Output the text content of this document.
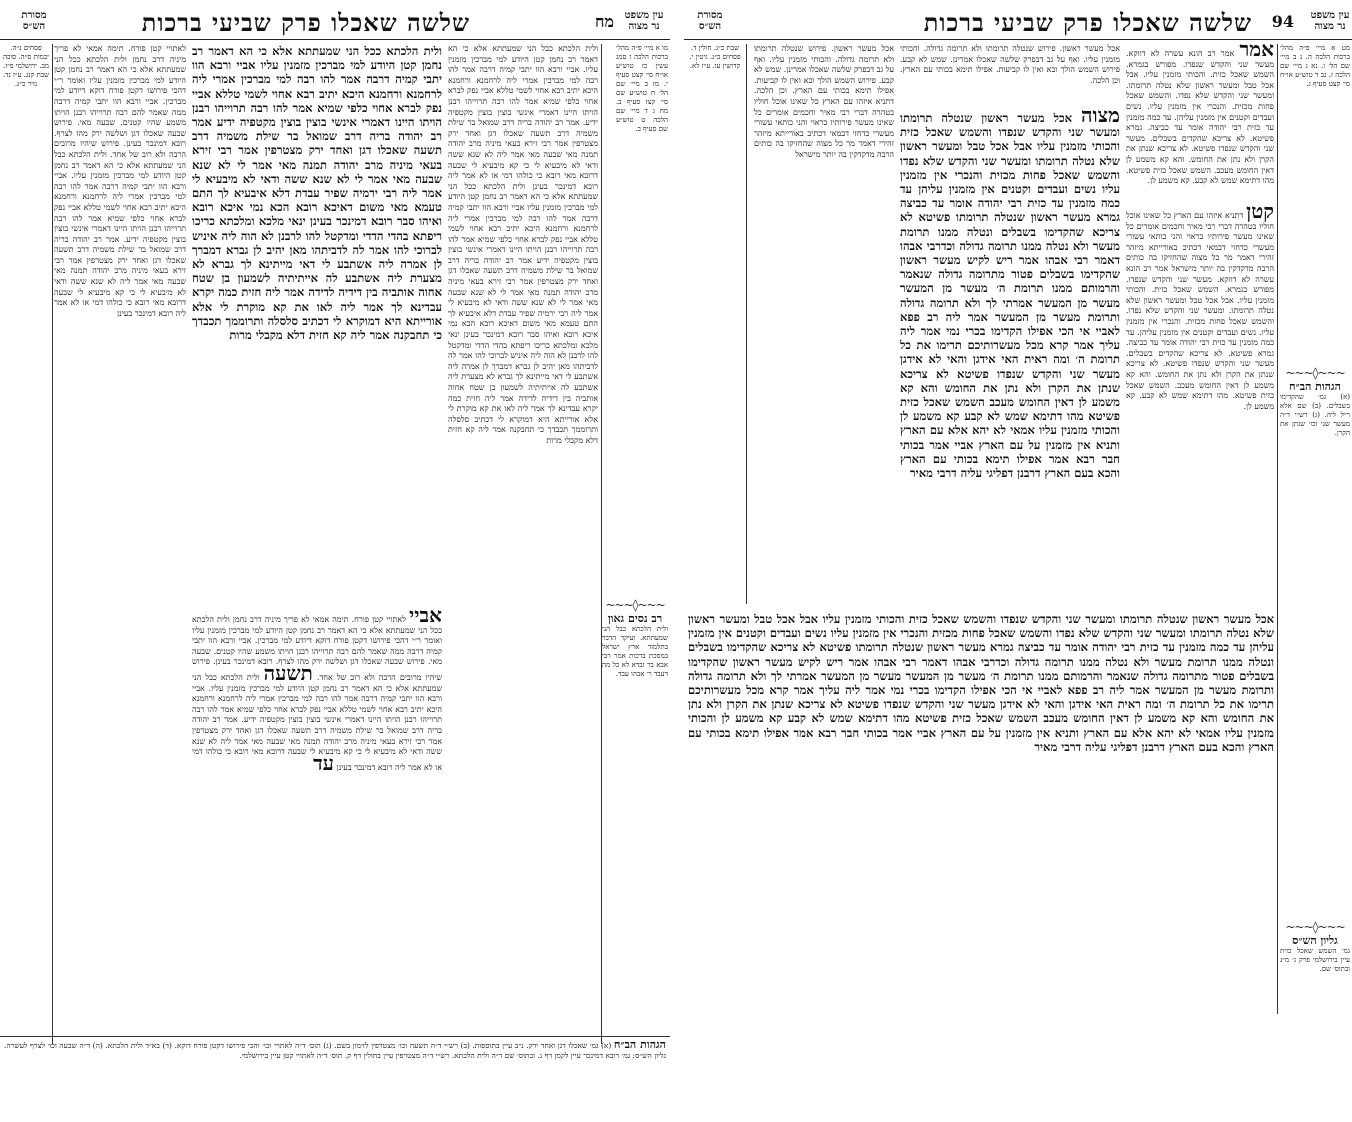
עין משפט נר מצוה
שלשה שאכלו פרק שביעי ברכות	מח
מסורת הש״ס
מו א מיי׳ פ״ה מהל׳ ברכות הלכה ז סמג עשין כז טוש״ע או״ח סי׳ קצט סעיף י. מז ב מיי׳ שם הל׳ ח טוש״ע שם סי׳ קצז סעיף ב. מח ג ד מיי׳ שם הלכה ט טוש״ע שם סעיף ב.
~~~◊~~~
רב נסים גאון
ולית הלכתא כבל הני שמעתתא. ועיקר הדבר בתלמוד ארץ ישראל במסכת ברכות אמר רבי אבא בר זבדא לא כל מה דעבד ר׳ אבהו עבד.
ולית הלכתא כבל הני שמעתתא אלא כי הא דאמר רב נחמן קטן היודע למי מברכין מזמנין עליו. אביי ורבא הוו יתבי קמיה דרבה אמר להו רבה למי מברכין אמרי ליה לרחמנא ורחמנא היכא יתיב רבא אחוי לשמי טללא אביי נפק לברא אחוי כלפי שמיא אמר להו רבה תרוייהו רבנן הויתו היינו דאמרי אינשי בוצין בוצין מקטפיה ידיע. אמר רב יהודה בריה דרב שמואל בר שילת משמיה דרב תשעה שאכלו דגן ואחד ירק מצטרפין אמר רבי זירא בעאי מיניה מרב יהודה תמנה מאי שבעה מאי אמר ליה לא שנא ששה ודאי לא מיבעיא לי כי קא מיבעיא לי שבעה דרובא מאי רובא כי כולהו דמי או לא אמר ליה רובא דמינכר בעינן ולית הלכתא ככל הני שמעתתא אלא כי הא דאמר רב נחמן קטן היודע למי מברכין מזמנין עליו אביי ורבא הוו יתבי קמיה דרבה אמר להו רבה למי מברכין אמרי ליה לרחמנא ורחמנא היכא יתיב רבא אחוי לשמי טללא אביי נפק לברא אחוי כלפי שמיא אמר להו רבה תרוייהו רבנן הויתו היינו דאמרי אינשי בוצין בוצין מקטפיה ידיע אמר רב יהודה בריה דרב שמואל בר שילת משמיה דרב תשעה שאכלו דגן ואחד ירק מצטרפין אמר רבי זירא בעאי מיניה מרב יהודה תמנה מאי אמר לי לא שנא שבעה מאי אמר לי לא שנא ששה ודאי לא מיבעיא לי אמר ליה רבי ירמיה שפיר עבדת דלא איבעיא לך התם טעמא מאי משום דאיכא רובא הכא נמי איכא רובא ואיהו סבר רובא דמינכר בעינן ינאי מלכא ומלכתא כריכו ריפתא בהדי הדדי ומדקטל להו לרבנן לא הוה ליה איניש לברוכי להו אמר לה לדביתהו מאן יהיב לן גברא דמברך לן אמרה ליה אשתבע לי דאי מייתינא לך גברא לא מצערת ליה אשתבע לה אייתיתיה לשמעון בן שטח אחוה אותביה בין דידיה לדידה אמר ליה חזית כמה יקרא עבדינא לך אמר ליה לאו את קא מוקרת לי אלא אורייתא היא דמוקרא לי דכתיב סלסלה ותרוממך תכבדך כי תחבקנה אמר ליה קא חזית דלא מקבלי מרות
ולית הלכתא ככל הני שמעתתא אלא כי הא דאמר רב נחמן קטן היודע למי מברכין מזמנין עליו אביי ורבא הוו יתבי קמיה דרבה אמר להו רבה למי מברכין אמרי ליה לרחמנא ורחמנא היכא יתיב רבא אחוי לשמי טללא אביי נפק לברא אחוי כלפי שמיא אמר להו רבה תרוייהו רבנן הויתו היינו דאמרי אינשי בוצין בוצין מקטפיה ידיע אמר רב יהודה בריה דרב שמואל בר שילת משמיה דרב תשעה שאכלו דגן ואחד ירק מצטרפין אמר רבי זירא בעאי מיניה מרב יהודה תמנה מאי אמר לי לא שנא שבעה מאי אמר לי לא שנא ששה ודאי לא מיבעיא לי אמר ליה רבי ירמיה שפיר עבדת דלא איבעיא לך התם טעמא מאי משום דאיכא רובא הכא נמי איכא רובא ואיהו סבר רובא דמינכר בעינן ינאי מלכא ומלכתא כריכו ריפתא בהדי הדדי ומדקטל להו לרבנן לא הוה ליה איניש לברוכי להו אמר לה לדביתהו מאן יהיב לן גברא דמברך לן אמרה ליה אשתבע לי דאי מייתינא לך גברא לא מצערת ליה אשתבע לה אייתיתיה לשמעון בן שטח אחוה אותביה בין דידיה לדידה אמר ליה חזית כמה יקרא עבדינא לך אמר ליה לאו את קא מוקרת לי אלא אורייתא היא דמוקרא לי דכתיב סלסלה ותרוממך תכבדך כי תחבקנה אמר ליה קא חזית דלא מקבלי מרות
אביי לאתויי קטן פורח. תימה אמאי לא פריך מיניה דרב נחמן ולית הלכתא ככל הני שמעתתא אלא כי הא דאמר רב נחמן קטן היודע למי מברכין מזמנין עליו ואומר ר״י דהכי פירושו דקטן פורח דוקא דיודע למי מברכין. אביי ורבא הוו יתבי קמיה דרבה ממה שאמר להם רבה תרוייהו רבנן הויתו משמע שהיו קטנים. שבעה מאי. פירוש שבעה שאכלו דגן ושלשה ירק מהו לצרף. רובא דמינכר בעינן. פירוש שיהיו מרובים הרבה ולא רוב של אחד. תשעה ולית הלכתא כבל הני שמעתתא אלא כי הא דאמר רב נחמן קטן היודע למי מברכין מזמנין עליו. אביי ורבא הוו יתבי קמיה דרבה אמר להו רבה למי מברכין אמרי ליה לרחמנא ורחמנא היכא יתיב רבא אחוי לשמי טללא אביי נפק לברא אחוי כלפי שמיא אמר להו רבה תרוייהו רבנן הויתו היינו דאמרי אינשי בוצין בוצין מקטפיה ידיע. אמר רב יהודה בריה דרב שמואל בר שילת משמיה דרב תשעה שאכלו דגן ואחד ירק מצטרפין אמר רבי זירא בעאי מיניה מרב יהודה תמנה מאי שבעה מאי אמר ליה לא שנא ששה ודאי לא מיבעיא לי כי קא מיבעיא לי שבעה דרובא מאי רובא כי כולהו דמי או לא אמר ליה רובא דמינכר בעינן עד
לאתויי קטן פורח. תימה אמאי לא פריך מיניה דרב נחמן ולית הלכתא ככל הני שמעתתא אלא כי הא דאמר רב נחמן קטן היודע למי מברכין מזמנין עליו ואומר ר״י דהכי פירושו דקטן פורח דוקא דיודע למי מברכין. אביי ורבא הוו יתבי קמיה דרבה ממה שאמר להם רבה תרוייהו רבנן הויתו משמע שהיו קטנים. שבעה מאי. פירוש שבעה שאכלו דגן ושלשה ירק מהו לצרף. רובא דמינכר בעינן. פירוש שיהיו מרובים הרבה ולא רוב של אחד. ולית הלכתא כבל הני שמעתתא אלא כי הא דאמר רב נחמן קטן היודע למי מברכין מזמנין עליו. אביי ורבא הוו יתבי קמיה דרבה אמר להו רבה למי מברכין אמרי ליה לרחמנא ורחמנא היכא יתיב רבא אחוי לשמי טללא אביי נפק לברא אחוי כלפי שמיא אמר להו רבה תרוייהו רבנן הויתו היינו דאמרי אינשי בוצין בוצין מקטפיה ידיע. אמר רב יהודה בריה דרב שמואל בר שילת משמיה דרב תשעה שאכלו דגן ואחד ירק מצטרפין אמר רבי זירא בעאי מיניה מרב יהודה תמנה מאי שבעה מאי אמר ליה לא שנא ששה ודאי לא מיבעיא לי כי קא מיבעיא לי שבעה דרובא מאי רובא כי כולהו דמי או לא אמר ליה רובא דמינכר בעינן
פסחים נ״ה. יבמות ס״ה. סוכה מב. ירושלמי פ״ז. שבת קנג. ע״ז נד. נזיר כ״ג.
הגהות הב״ח (א) גמ׳ שאכלו דגן ואחד ירק. נ״ב עיין בתוספות. (ב) רש״י ד״ה תשעה וכו׳ מצטרפין לזימון בשם. (ג) תוס׳ ד״ה לאתויי וכו׳ והכי פירושו דקטן פורח דוקא. (ד) בא״ד ולית הלכתא. (ה) ד״ה שבעה וכו׳ לצרף לעשרה. גליון הש״ס: גמ׳ רובא דמינכר עיין לקמן דף נ. ובתוס׳ שם ד״ה ולית הלכתא. רש״י ד״ה מצטרפין עיין בחולין דף ק. תוס׳ ד״ה לאתויי קטן עיין בירושלמי.
עין משפט נר מצוה
94
שלשה שאכלו פרק שביעי ברכות
מסורת הש״ס
מט א מיי׳ פ״ה מהל׳ ברכות הלכה ה. נ ב מיי׳ שם הל׳ ו. נא ג מיי׳ שם הלכה ז. נב ד טוש״ע או״ח סי׳ קצט סעיף ג.
~~~◊~~~
הגהות הב״ח
(א) גמ׳ שהקדימו בשבלים. (ב) שם אלא ר״ל ליה. (ג) רש״י ד״ה מעשר שני וכו׳ שנתן את הקרן.
~~~◊~~~
גליון הש״ס
גמ׳ השמש שאכל כזית עיין בירושלמי פרק ג׳ מ״ג ובתוס׳ שם.
אמר אמר רב הונא עשרה לא דווקא. מעשר שני והקדש שנפדו. מפורש בגמרא. השמש שאכל כזית. והכותי מזמנין עליו. אבל אכל טבל ומעשר ראשון שלא נטלה תרומתו. ומעשר שני והקדש שלא נפדו. והשמש שאכל פחות מכזית. והנכרי אין מזמנין עליו. נשים ועבדים וקטנים אין מזמנין עליהן. עד כמה מזמנין עד כזית רבי יהודה אומר עד כביצה. גמרא פשיטא. לא צריכא שהקדים בשבלים. מעשר שני והקדש שנפדו פשיטא. לא צריכא שנתן את הקרן ולא נתן את החומש. והא קא משמע לן דאין החומש מעכב. השמש שאכל כזית פשיטא. מהו דתימא שמש לא קבע. קא משמע לן.
קטן דתניא איזהו עם הארץ כל שאינו אוכל חוליו בטהרה דברי רבי מאיר וחכמים אומרים כל שאינו מעשר פירותיו כראוי והני כותאי עשורי מעשרי כדחזי דבמאי דכתיב באורייתא מיזהר זהירי דאמר מר כל מצוה שהחזיקו בה כותים הרבה מדקדקין בה יותר מישראל אמר רב הונא עשרה לא דווקא. מעשר שני והקדש שנפדו. מפורש בגמרא. השמש שאכל כזית. והכותי מזמנין עליו. אבל אכל טבל ומעשר ראשון שלא נטלה תרומתו. ומעשר שני והקדש שלא נפדו. והשמש שאכל פחות מכזית. והנכרי אין מזמנין עליו. נשים ועבדים וקטנים אין מזמנין עליהן. עד כמה מזמנין עד כזית רבי יהודה אומר עד כביצה. גמרא פשיטא. לא צריכא שהקדים בשבלים. מעשר שני והקדש שנפדו פשיטא. לא צריכא שנתן את הקרן ולא נתן את החומש. והא קא משמע לן דאין החומש מעכב. השמש שאכל כזית פשיטא. מהו דתימא שמש לא קבע. קא משמע לן.
אכל מעשר ראשון. פירוש שנטלה תרומתו ולא תרומה גדולה. והכותי מזמנין עליו. ואף על גב דבפרק שלשה שאכלו אמרינן. שמש לא קבע. פירוש השמש הולך ובא ואין לו קביעות. אפילו תימא בכותי עם הארץ. וכן הלכה.
מצוה אכל מעשר ראשון שנטלה תרומתו ומעשר שני והקדש שנפדו והשמש שאכל כזית והכותי מזמנין עליו אבל אכל טבל ומעשר ראשון שלא נטלה תרומתו ומעשר שני והקדש שלא נפדו והשמש שאכל פחות מכזית והנכרי אין מזמנין עליו נשים ועבדים וקטנים אין מזמנין עליהן עד כמה מזמנין עד כזית רבי יהודה אומר עד כביצה גמרא מעשר ראשון שנטלה תרומתו פשיטא לא צריכא שהקדימו בשבלים ונטלה ממנו תרומת מעשר ולא נטלה ממנו תרומה גדולה וכדרבי אבהו דאמר רבי אבהו אמר ריש לקיש מעשר ראשון שהקדימו בשבלים פטור מתרומה גדולה שנאמר והרמותם ממנו תרומת ה׳ מעשר מן המעשר מעשר מן המעשר אמרתי לך ולא תרומה גדולה ותרומת מעשר מן המעשר אמר ליה רב פפא לאביי אי הכי אפילו הקדימו בכרי נמי אמר ליה עליך אמר קרא מכל מעשרותיכם תרימו את כל תרומת ה׳ ומה ראית האי אידגן והאי לא אידגן מעשר שני והקדש שנפדו פשיטא לא צריכא שנתן את הקרן ולא נתן את החומש והא קא משמע לן דאין החומש מעכב השמש שאכל כזית פשיטא מהו דתימא שמש לא קבע קא משמע לן והכותי מזמנין עליו אמאי לא יהא אלא עם הארץ ותניא אין מזמנין על עם הארץ אביי אמר בכותי חבר רבא אמר אפילו תימא בכותי עם הארץ והכא בעם הארץ דרבנן דפליגי עליה דרבי מאיר
אכל מעשר ראשון. פירוש שנטלה תרומתו ולא תרומה גדולה. והכותי מזמנין עליו. ואף על גב דבפרק שלשה שאכלו אמרינן. שמש לא קבע. פירוש השמש הולך ובא ואין לו קביעות. אפילו תימא בכותי עם הארץ. וכן הלכה. דתניא איזהו עם הארץ כל שאינו אוכל חוליו בטהרה דברי רבי מאיר וחכמים אומרים כל שאינו מעשר פירותיו כראוי והני כותאי עשורי מעשרי כדחזי דבמאי דכתיב באורייתא מיזהר זהירי דאמר מר כל מצוה שהחזיקו בה כותים הרבה מדקדקין בה יותר מישראל
שבת כ״ג. חולין ד. פסחים כ״ג. גיטין י. קדושין עו. ע״ז לא.
אכל מעשר ראשון שנטלה תרומתו ומעשר שני והקדש שנפדו והשמש שאכל כזית והכותי מזמנין עליו אבל אכל טבל ומעשר ראשון שלא נטלה תרומתו ומעשר שני והקדש שלא נפדו והשמש שאכל פחות מכזית והנכרי אין מזמנין עליו נשים ועבדים וקטנים אין מזמנין עליהן עד כמה מזמנין עד כזית רבי יהודה אומר עד כביצה גמרא מעשר ראשון שנטלה תרומתו פשיטא לא צריכא שהקדימו בשבלים ונטלה ממנו תרומת מעשר ולא נטלה ממנו תרומה גדולה וכדרבי אבהו דאמר רבי אבהו אמר ריש לקיש מעשר ראשון שהקדימו בשבלים פטור מתרומה גדולה שנאמר והרמותם ממנו תרומת ה׳ מעשר מן המעשר מעשר מן המעשר אמרתי לך ולא תרומה גדולה ותרומת מעשר מן המעשר אמר ליה רב פפא לאביי אי הכי אפילו הקדימו בכרי נמי אמר ליה עליך אמר קרא מכל מעשרותיכם תרימו את כל תרומת ה׳ ומה ראית האי אידגן והאי לא אידגן מעשר שני והקדש שנפדו פשיטא לא צריכא שנתן את הקרן ולא נתן את החומש והא קא משמע לן דאין החומש מעכב השמש שאכל כזית פשיטא מהו דתימא שמש לא קבע קא משמע לן והכותי מזמנין עליו אמאי לא יהא אלא עם הארץ ותניא אין מזמנין על עם הארץ אביי אמר בכותי חבר רבא אמר אפילו תימא בכותי עם הארץ והכא בעם הארץ דרבנן דפליגי עליה דרבי מאיר
